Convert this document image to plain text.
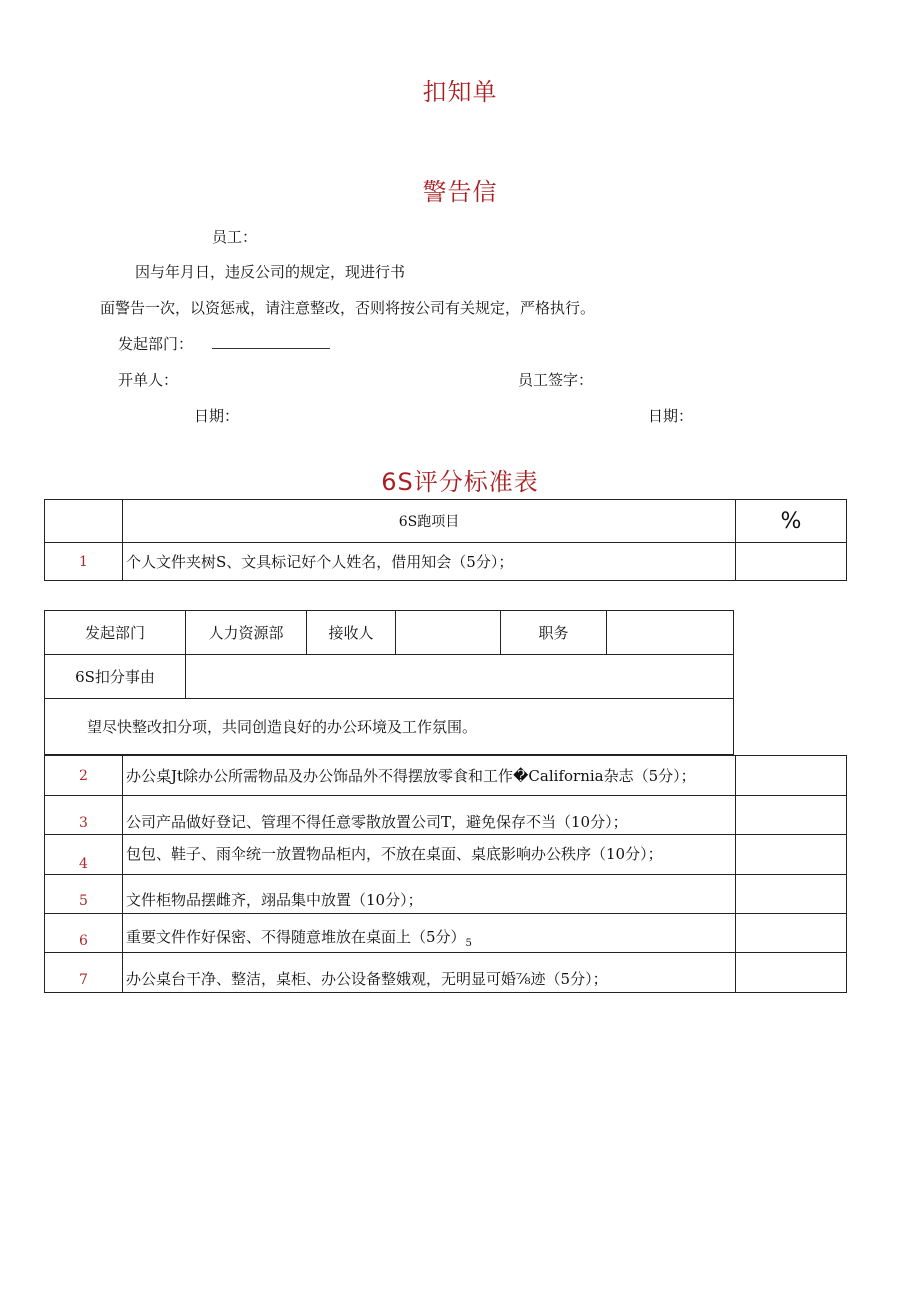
扣知单
警告信
员工：
因与年月日，违反公司的规定，现进行书
面警告一次，以资惩戒，请注意整改，否则将按公司有关规定，严格执行。
发起部门：
开单人：	员工签字：
日期：	日期：
6S评分标准表
	6S跑项目	%
1	个人文件夹树S、文具标记好个人姓名，借用知会（5分）；	
发起部门	人力资源部	接收人		职务	
6S扣分事由					
望尽快整改扣分项，共同创造良好的办公环境及工作氛围。					
2	办公桌Jt除办公所需物品及办公饰品外不得摆放零食和工作�California杂志（5分）；	
3	公司产品做好登记、管理不得任意零散放置公司T，避免保存不当（10分）；	
4	包包、鞋子、雨伞统一放置物品柜内，不放在桌面、桌底影响办公秩序（10分）；	
5	文件柜物品摆雌齐，翊品集中放置（10分）；	
6	重要文件作好保密、不得随意堆放在桌面上（5分）$_5$	
7	办公桌台干净、整洁，桌柜、办公设备整娥观，无明显可婚⅞迹（5分）；	
